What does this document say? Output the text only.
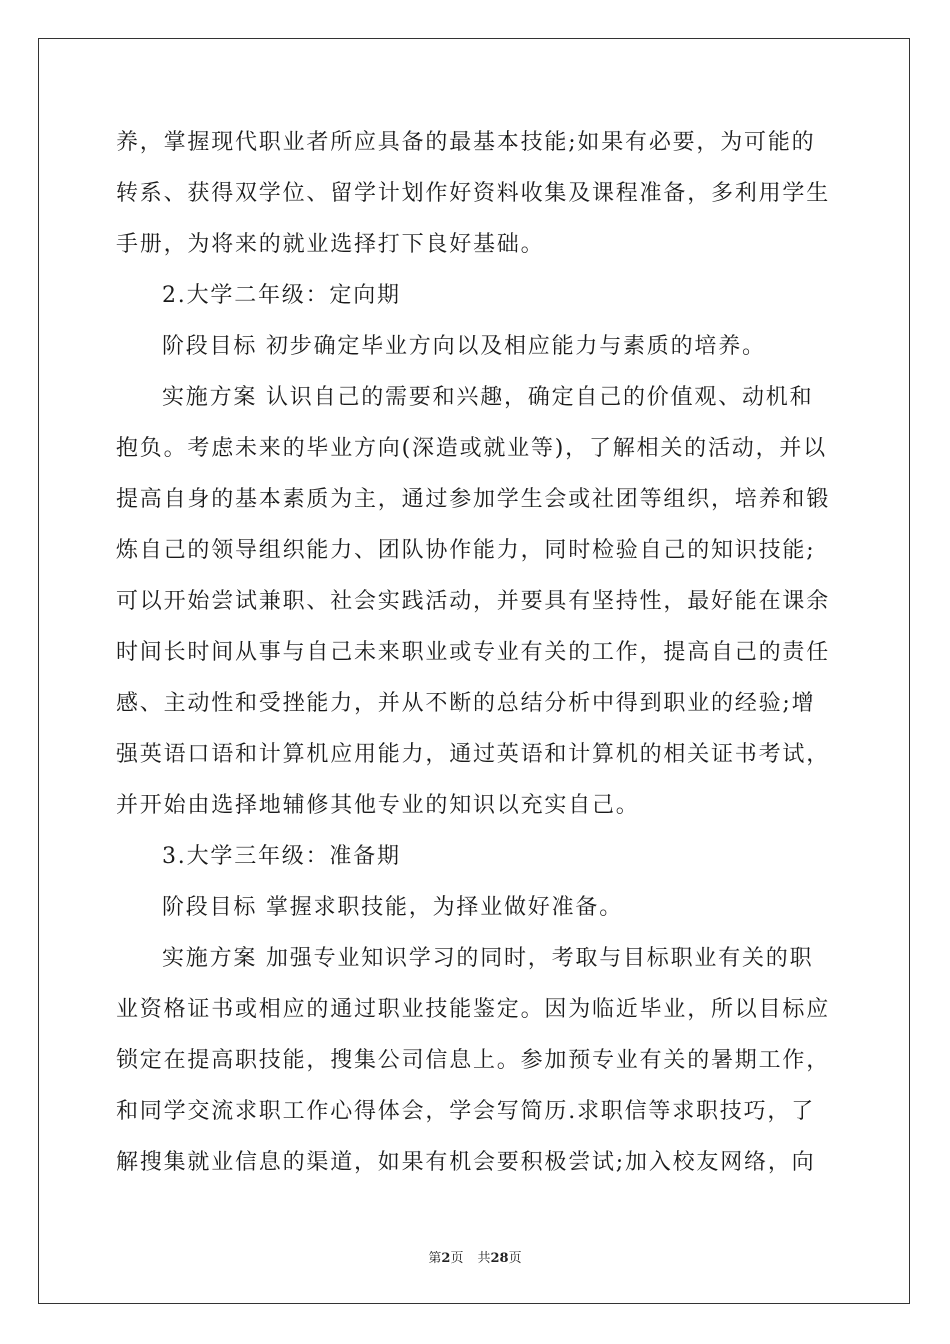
养，掌握现代职业者所应具备的最基本技能;如果有必要，为可能的
转系、获得双学位、留学计划作好资料收集及课程准备，多利用学生
手册，为将来的就业选择打下良好基础。
2.大学二年级：定向期
阶段目标 初步确定毕业方向以及相应能力与素质的培养。
实施方案 认识自己的需要和兴趣，确定自己的价值观、动机和
抱负。考虑未来的毕业方向(深造或就业等)，了解相关的活动，并以
提高自身的基本素质为主，通过参加学生会或社团等组织，培养和锻
炼自己的领导组织能力、团队协作能力，同时检验自己的知识技能;
可以开始尝试兼职、社会实践活动，并要具有坚持性，最好能在课余
时间长时间从事与自己未来职业或专业有关的工作，提高自己的责任
感、主动性和受挫能力，并从不断的总结分析中得到职业的经验;增
强英语口语和计算机应用能力，通过英语和计算机的相关证书考试，
并开始由选择地辅修其他专业的知识以充实自己。
3.大学三年级：准备期
阶段目标 掌握求职技能，为择业做好准备。
实施方案 加强专业知识学习的同时，考取与目标职业有关的职
业资格证书或相应的通过职业技能鉴定。因为临近毕业，所以目标应
锁定在提高职技能，搜集公司信息上。参加预专业有关的暑期工作，
和同学交流求职工作心得体会，学会写简历.求职信等求职技巧，了
解搜集就业信息的渠道，如果有机会要积极尝试;加入校友网络，向
第2页 共28页
